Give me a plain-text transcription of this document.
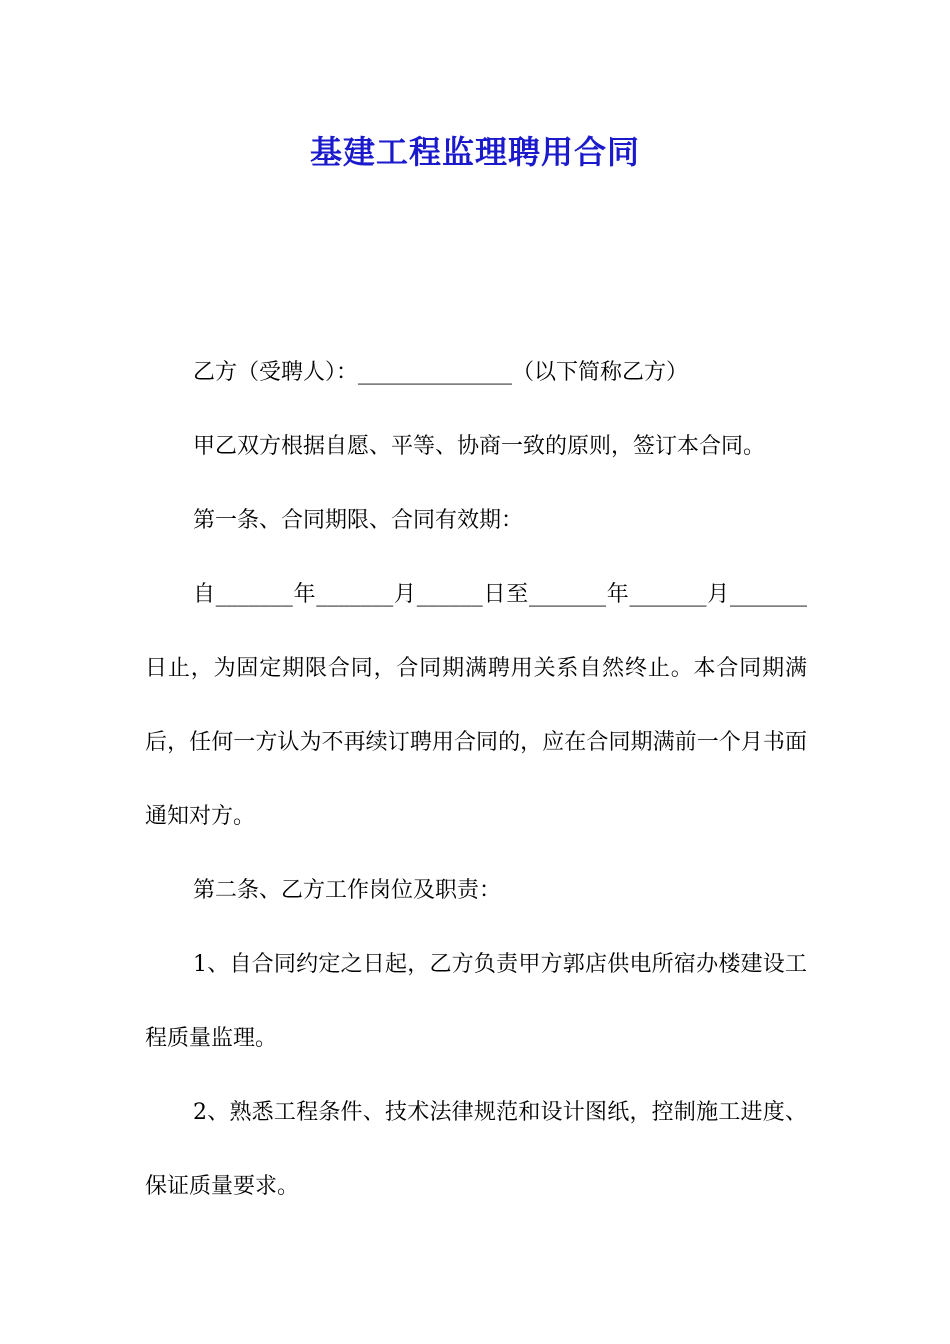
基建工程监理聘用合同

乙方（受聘人）：______________（以下简称乙方）

甲乙双方根据自愿、平等、协商一致的原则，签订本合同。

第一条、合同期限、合同有效期：

自_______年_______月______日至_______年_______月_______日止，为固定期限合同，合同期满聘用关系自然终止。本合同期满后，任何一方认为不再续订聘用合同的，应在合同期满前一个月书面通知对方。

第二条、乙方工作岗位及职责：

1、自合同约定之日起，乙方负责甲方郭店供电所宿办楼建设工程质量监理。

2、熟悉工程条件、技术法律规范和设计图纸，控制施工进度、保证质量要求。
